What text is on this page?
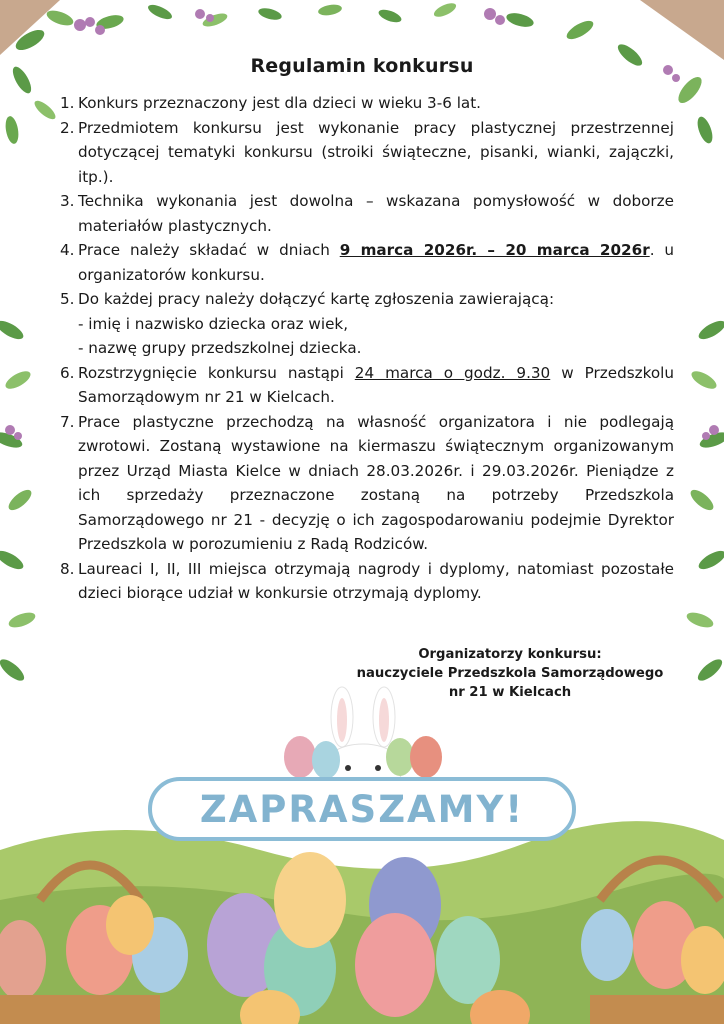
Regulamin konkursu
1. Konkurs przeznaczony jest dla dzieci w wieku 3-6 lat.
2. Przedmiotem konkursu jest wykonanie pracy plastycznej przestrzennej dotyczącej tematyki konkursu (stroiki świąteczne, pisanki, wianki, zajączki, itp.).
3. Technika wykonania jest dowolna – wskazana pomysłowość w doborze materiałów plastycznych.
4. Prace należy składać w dniach 9 marca 2026r. – 20 marca 2026r. u organizatorów konkursu.
5. Do każdej pracy należy dołączyć kartę zgłoszenia zawierającą:
- imię i nazwisko dziecka oraz wiek,
- nazwę grupy przedszkolnej dziecka.
6. Rozstrzygnięcie konkursu nastąpi 24 marca o godz. 9.30 w Przedszkolu Samorządowym nr 21 w Kielcach.
7. Prace plastyczne przechodzą na własność organizatora i nie podlegają zwrotowi. Zostaną wystawione na kiermaszu świątecznym organizowanym przez Urząd Miasta Kielce w dniach 28.03.2026r. i 29.03.2026r. Pieniądze z ich sprzedaży przeznaczone zostaną na potrzeby Przedszkola Samorządowego nr 21 - decyzję o ich zagospodarowaniu podejmie Dyrektor Przedszkola w porozumieniu z Radą Rodziców.
8. Laureaci I, II, III miejsca otrzymają nagrody i dyplomy, natomiast pozostałe dzieci biorące udział w konkursie otrzymają dyplomy.
Organizatorzy konkursu:
nauczyciele Przedszkola Samorządowego
nr 21 w Kielcach
ZAPRASZAMY!
